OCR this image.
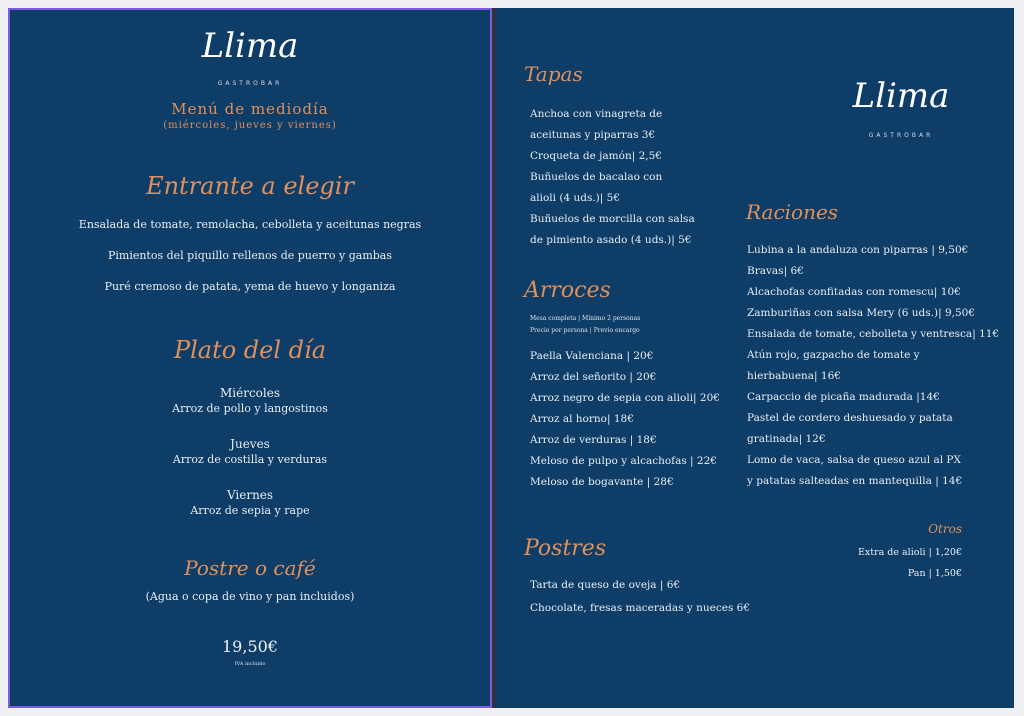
Llima
GASTROBAR
Menú de mediodía
(miércoles, jueves y viernes)
Entrante a elegir
Ensalada de tomate, remolacha, cebolleta y aceitunas negras
Pimientos del piquillo rellenos de puerro y gambas
Puré cremoso de patata, yema de huevo y longaniza
Plato del día
Miércoles
Arroz de pollo y langostinos
Jueves
Arroz de costilla y verduras
Viernes
Arroz de sepia y rape
Postre o café
(Agua o copa de vino y pan incluidos)
19,50€
IVA incluido
Llima
GASTROBAR
Tapas
Anchoa con vinagreta de
aceitunas y piparras 3€
Croqueta de jamón| 2,5€
Buñuelos de bacalao con
alioli (4 uds.)| 5€
Buñuelos de morcilla con salsa
de pimiento asado (4 uds.)| 5€
Arroces
Mesa completa | Mínimo 2 personas
Precio por persona | Previo encargo
Paella Valenciana | 20€
Arroz del señorito | 20€
Arroz negro de sepia con alioli| 20€
Arroz al horno| 18€
Arroz de verduras | 18€
Meloso de pulpo y alcachofas | 22€
Meloso de bogavante | 28€
Postres
Tarta de queso de oveja | 6€
Chocolate, fresas maceradas y nueces 6€
Raciones
Lubina a la andaluza con piparras | 9,50€
Bravas| 6€
Alcachofas confitadas con romescu| 10€
Zamburiñas con salsa Mery (6 uds.)| 9,50€
Ensalada de tomate, cebolleta y ventresca| 11€
Atún rojo, gazpacho de tomate y
hierbabuena| 16€
Carpaccio de picaña madurada |14€
Pastel de cordero deshuesado y patata
gratinada| 12€
Lomo de vaca, salsa de queso azul al PX
y patatas salteadas en mantequilla | 14€
Otros
Extra de alioli | 1,20€
Pan | 1,50€
